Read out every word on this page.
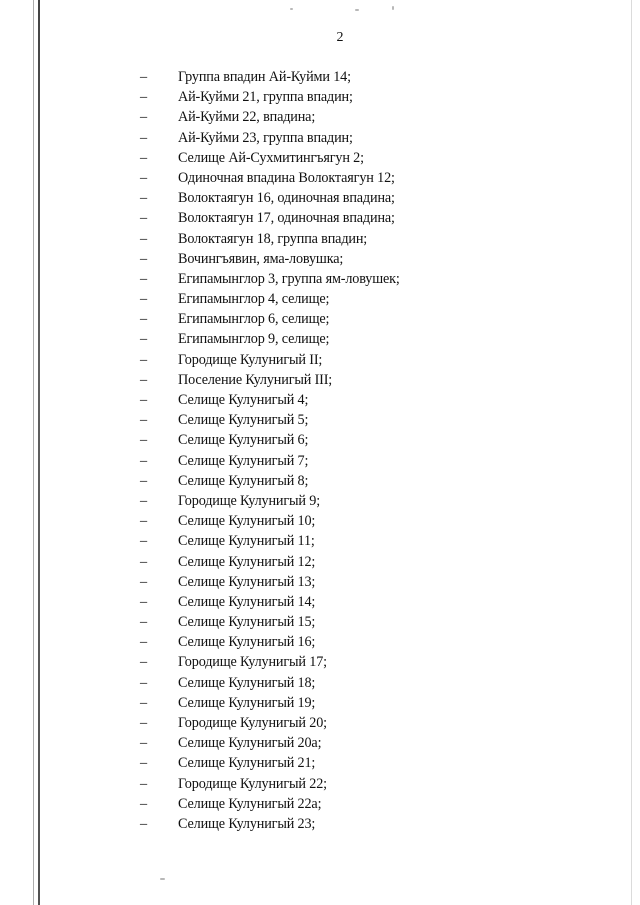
2
– Группа впадин Ай-Куйми 14;
– Ай-Куйми 21, группа впадин;
– Ай-Куйми 22, впадина;
– Ай-Куйми 23, группа впадин;
– Селище Ай-Сухмитингъягун 2;
– Одиночная впадина Волоктаягун 12;
– Волоктаягун 16, одиночная впадина;
– Волоктаягун 17, одиночная впадина;
– Волоктаягун 18, группа впадин;
– Вочингъявин, яма-ловушка;
– Египамынглор 3, группа ям-ловушек;
– Египамынглор 4, селище;
– Египамынглор 6, селище;
– Египамынглор 9, селище;
– Городище Кулунигый II;
– Поселение Кулунигый III;
– Селище Кулунигый 4;
– Селище Кулунигый 5;
– Селище Кулунигый 6;
– Селище Кулунигый 7;
– Селище Кулунигый 8;
– Городище Кулунигый 9;
– Селище Кулунигый 10;
– Селище Кулунигый 11;
– Селище Кулунигый 12;
– Селище Кулунигый 13;
– Селище Кулунигый 14;
– Селище Кулунигый 15;
– Селище Кулунигый 16;
– Городище Кулунигый 17;
– Селище Кулунигый 18;
– Селище Кулунигый 19;
– Городище Кулунигый 20;
– Селище Кулунигый 20а;
– Селище Кулунигый 21;
– Городище Кулунигый 22;
– Селище Кулунигый 22а;
– Селище Кулунигый 23;
